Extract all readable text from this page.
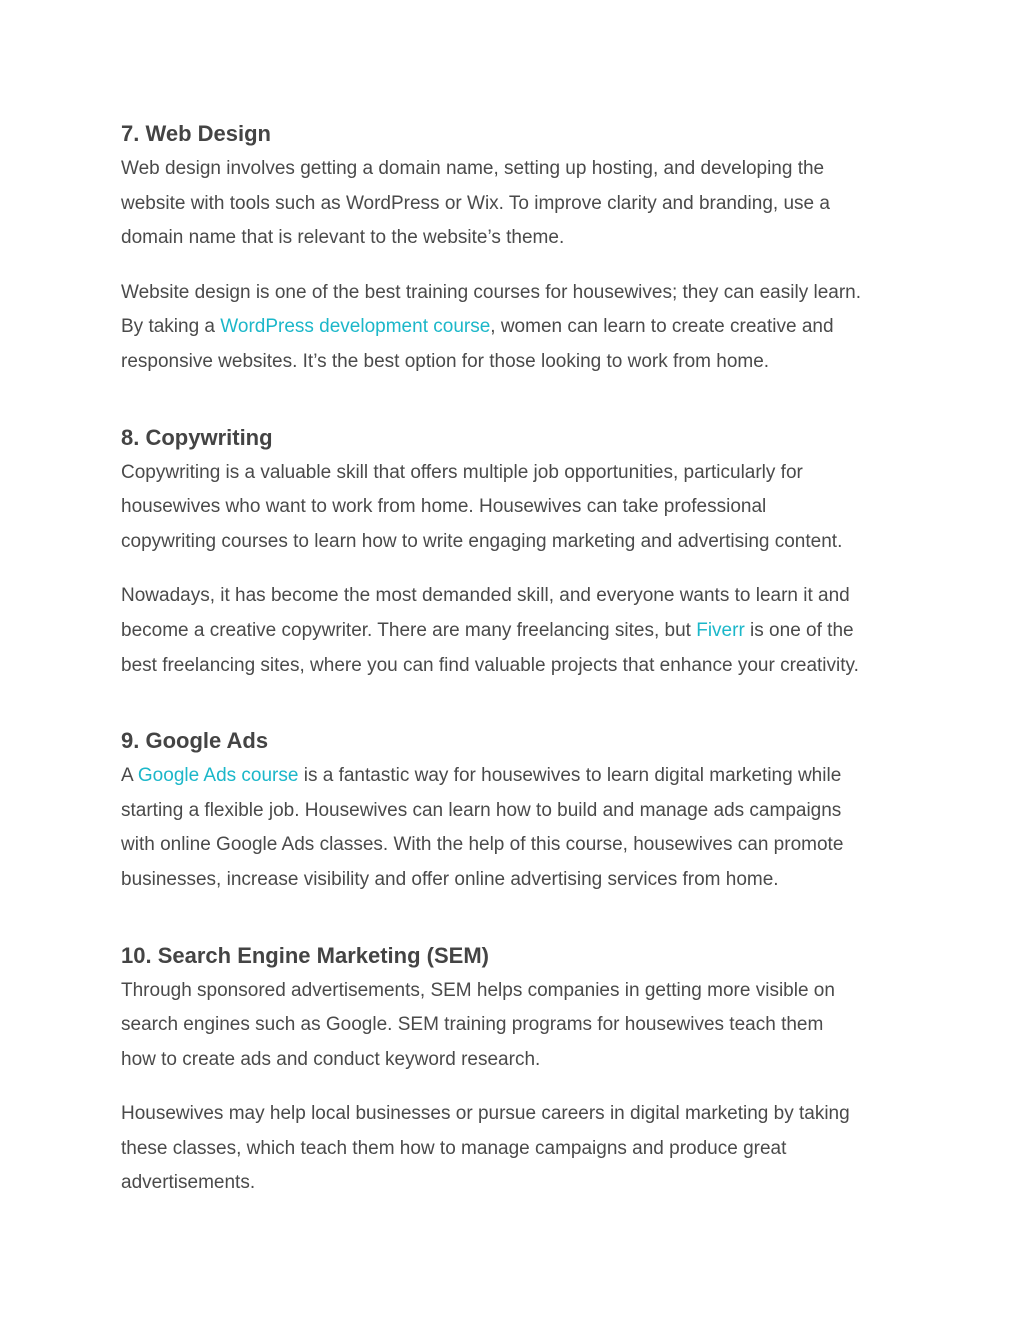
7. Web Design

Web design involves getting a domain name, setting up hosting, and developing the
website with tools such as WordPress or Wix. To improve clarity and branding, use a
domain name that is relevant to the website’s theme.

Website design is one of the best training courses for housewives; they can easily learn.
By taking a WordPress development course, women can learn to create creative and
responsive websites. It’s the best option for those looking to work from home.

8. Copywriting

Copywriting is a valuable skill that offers multiple job opportunities, particularly for
housewives who want to work from home. Housewives can take professional
copywriting courses to learn how to write engaging marketing and advertising content.

Nowadays, it has become the most demanded skill, and everyone wants to learn it and
become a creative copywriter. There are many freelancing sites, but Fiverr is one of the
best freelancing sites, where you can find valuable projects that enhance your creativity.

9. Google Ads

A Google Ads course is a fantastic way for housewives to learn digital marketing while
starting a flexible job. Housewives can learn how to build and manage ads campaigns
with online Google Ads classes. With the help of this course, housewives can promote
businesses, increase visibility and offer online advertising services from home.

10. Search Engine Marketing (SEM)

Through sponsored advertisements, SEM helps companies in getting more visible on
search engines such as Google. SEM training programs for housewives teach them
how to create ads and conduct keyword research.

Housewives may help local businesses or pursue careers in digital marketing by taking
these classes, which teach them how to manage campaigns and produce great
advertisements.
